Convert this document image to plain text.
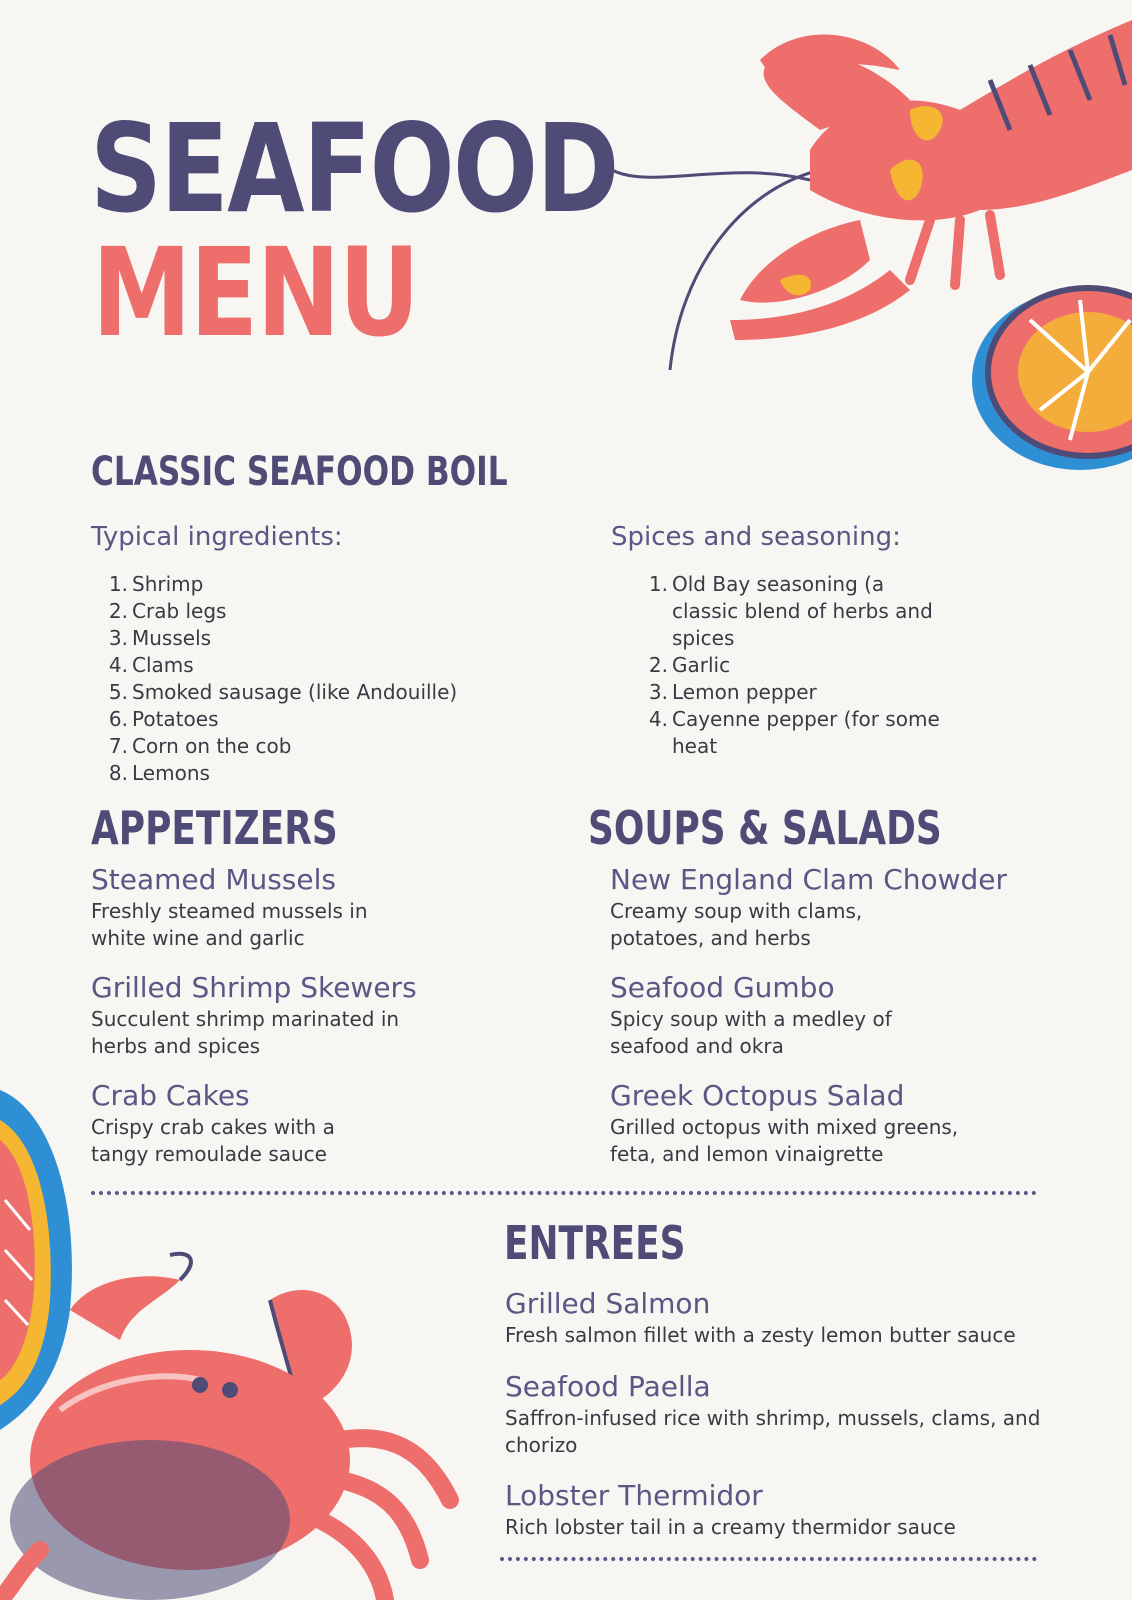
SEAFOOD
MENU
CLASSIC SEAFOOD BOIL
Typical ingredients:	Spices and seasoning:
1. Shrimp
2. Crab legs
3. Mussels
4. Clams
5. Smoked sausage (like Andouille)
6. Potatoes
7. Corn on the cob
8. Lemons
1. Old Bay seasoning (a classic blend of herbs and spices
2. Garlic
3. Lemon pepper
4. Cayenne pepper (for some heat
APPETIZERS
Steamed Mussels
Freshly steamed mussels in white wine and garlic
Grilled Shrimp Skewers
Succulent shrimp marinated in herbs and spices
Crab Cakes
Crispy crab cakes with a tangy remoulade sauce
SOUPS & SALADS
New England Clam Chowder
Creamy soup with clams, potatoes, and herbs
Seafood Gumbo
Spicy soup with a medley of seafood and okra
Greek Octopus Salad
Grilled octopus with mixed greens, feta, and lemon vinaigrette
ENTREES
Grilled Salmon
Fresh salmon fillet with a zesty lemon butter sauce
Seafood Paella
Saffron-infused rice with shrimp, mussels, clams, and chorizo
Lobster Thermidor
Rich lobster tail in a creamy thermidor sauce
